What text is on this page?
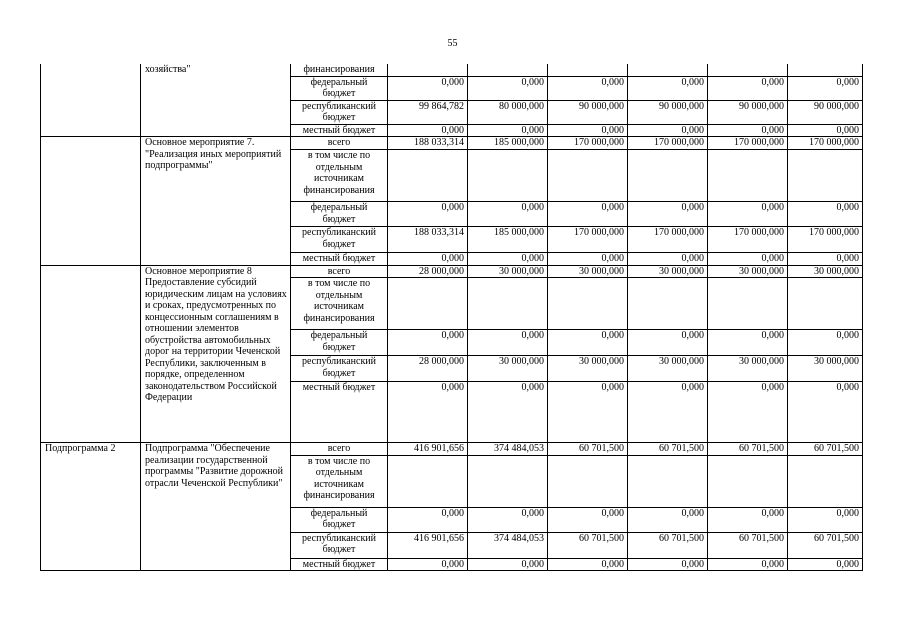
55
	хозяйства"	финансирования						
		федеральный бюджет	0,000	0,000	0,000	0,000	0,000	0,000
		республиканский бюджет	99 864,782	80 000,000	90 000,000	90 000,000	90 000,000	90 000,000
		местный бюджет	0,000	0,000	0,000	0,000	0,000	0,000
	Основное мероприятие 7. "Реализация иных мероприятий подпрограммы"	всего	188 033,314	185 000,000	170 000,000	170 000,000	170 000,000	170 000,000
		в том числе по отдельным источникам финансирования						
		федеральный бюджет	0,000	0,000	0,000	0,000	0,000	0,000
		республиканский бюджет	188 033,314	185 000,000	170 000,000	170 000,000	170 000,000	170 000,000
		местный бюджет	0,000	0,000	0,000	0,000	0,000	0,000
	Основное мероприятие 8 Предоставление субсидий юридическим лицам на условиях и сроках, предусмотренных по концессионным соглашениям в отношении элементов обустройства автомобильных дорог на территории Чеченской Республики, заключенным в порядке, определенном законодательством Российской Федерации	всего	28 000,000	30 000,000	30 000,000	30 000,000	30 000,000	30 000,000
		в том числе по отдельным источникам финансирования						
		федеральный бюджет	0,000	0,000	0,000	0,000	0,000	0,000
		республиканский бюджет	28 000,000	30 000,000	30 000,000	30 000,000	30 000,000	30 000,000
		местный бюджет	0,000	0,000	0,000	0,000	0,000	0,000
Подпрограмма 2	Подпрограмма "Обеспечение реализации государственной программы "Развитие дорожной отрасли Чеченской Республики"	всего	416 901,656	374 484,053	60 701,500	60 701,500	60 701,500	60 701,500
		в том числе по отдельным источникам финансирования						
		федеральный бюджет	0,000	0,000	0,000	0,000	0,000	0,000
		республиканский бюджет	416 901,656	374 484,053	60 701,500	60 701,500	60 701,500	60 701,500
		местный бюджет	0,000	0,000	0,000	0,000	0,000	0,000
